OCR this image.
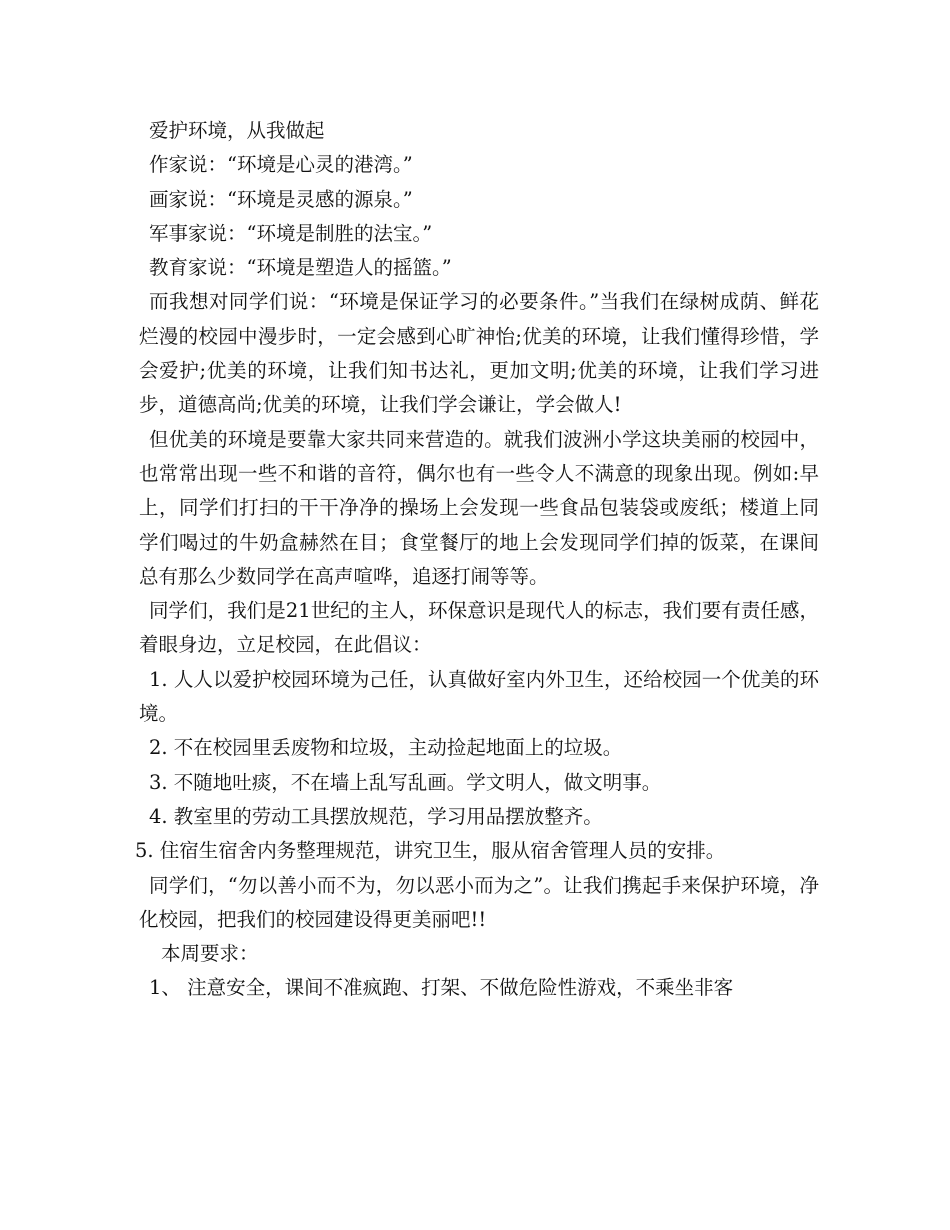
爱护环境，从我做起

作家说：“环境是心灵的港湾。”

画家说：“环境是灵感的源泉。”

军事家说：“环境是制胜的法宝。”

教育家说：“环境是塑造人的摇篮。”

而我想对同学们说：“环境是保证学习的必要条件。”当我们在绿树成荫、鲜花烂漫的校园中漫步时，一定会感到心旷神怡;优美的环境，让我们懂得珍惜，学会爱护;优美的环境，让我们知书达礼，更加文明;优美的环境，让我们学习进步，道德高尚;优美的环境，让我们学会谦让，学会做人!

但优美的环境是要靠大家共同来营造的。就我们波洲小学这块美丽的校园中，也常常出现一些不和谐的音符，偶尔也有一些令人不满意的现象出现。例如:早上，同学们打扫的干干净净的操场上会发现一些食品包装袋或废纸；楼道上同学们喝过的牛奶盒赫然在目；食堂餐厅的地上会发现同学们掉的饭菜，在课间总有那么少数同学在高声喧哗，追逐打闹等等。

同学们，我们是21世纪的主人，环保意识是现代人的标志，我们要有责任感，着眼身边，立足校园，在此倡议：

1. 人人以爱护校园环境为己任，认真做好室内外卫生，还给校园一个优美的环境。

2. 不在校园里丢废物和垃圾，主动捡起地面上的垃圾。

3. 不随地吐痰，不在墙上乱写乱画。学文明人，做文明事。

4. 教室里的劳动工具摆放规范，学习用品摆放整齐。

5. 住宿生宿舍内务整理规范，讲究卫生，服从宿舍管理人员的安排。

同学们，“勿以善小而不为，勿以恶小而为之”。让我们携起手来保护环境，净化校园，把我们的校园建设得更美丽吧!!

本周要求：

1、 注意安全，课间不准疯跑、打架、不做危险性游戏，不乘坐非客
